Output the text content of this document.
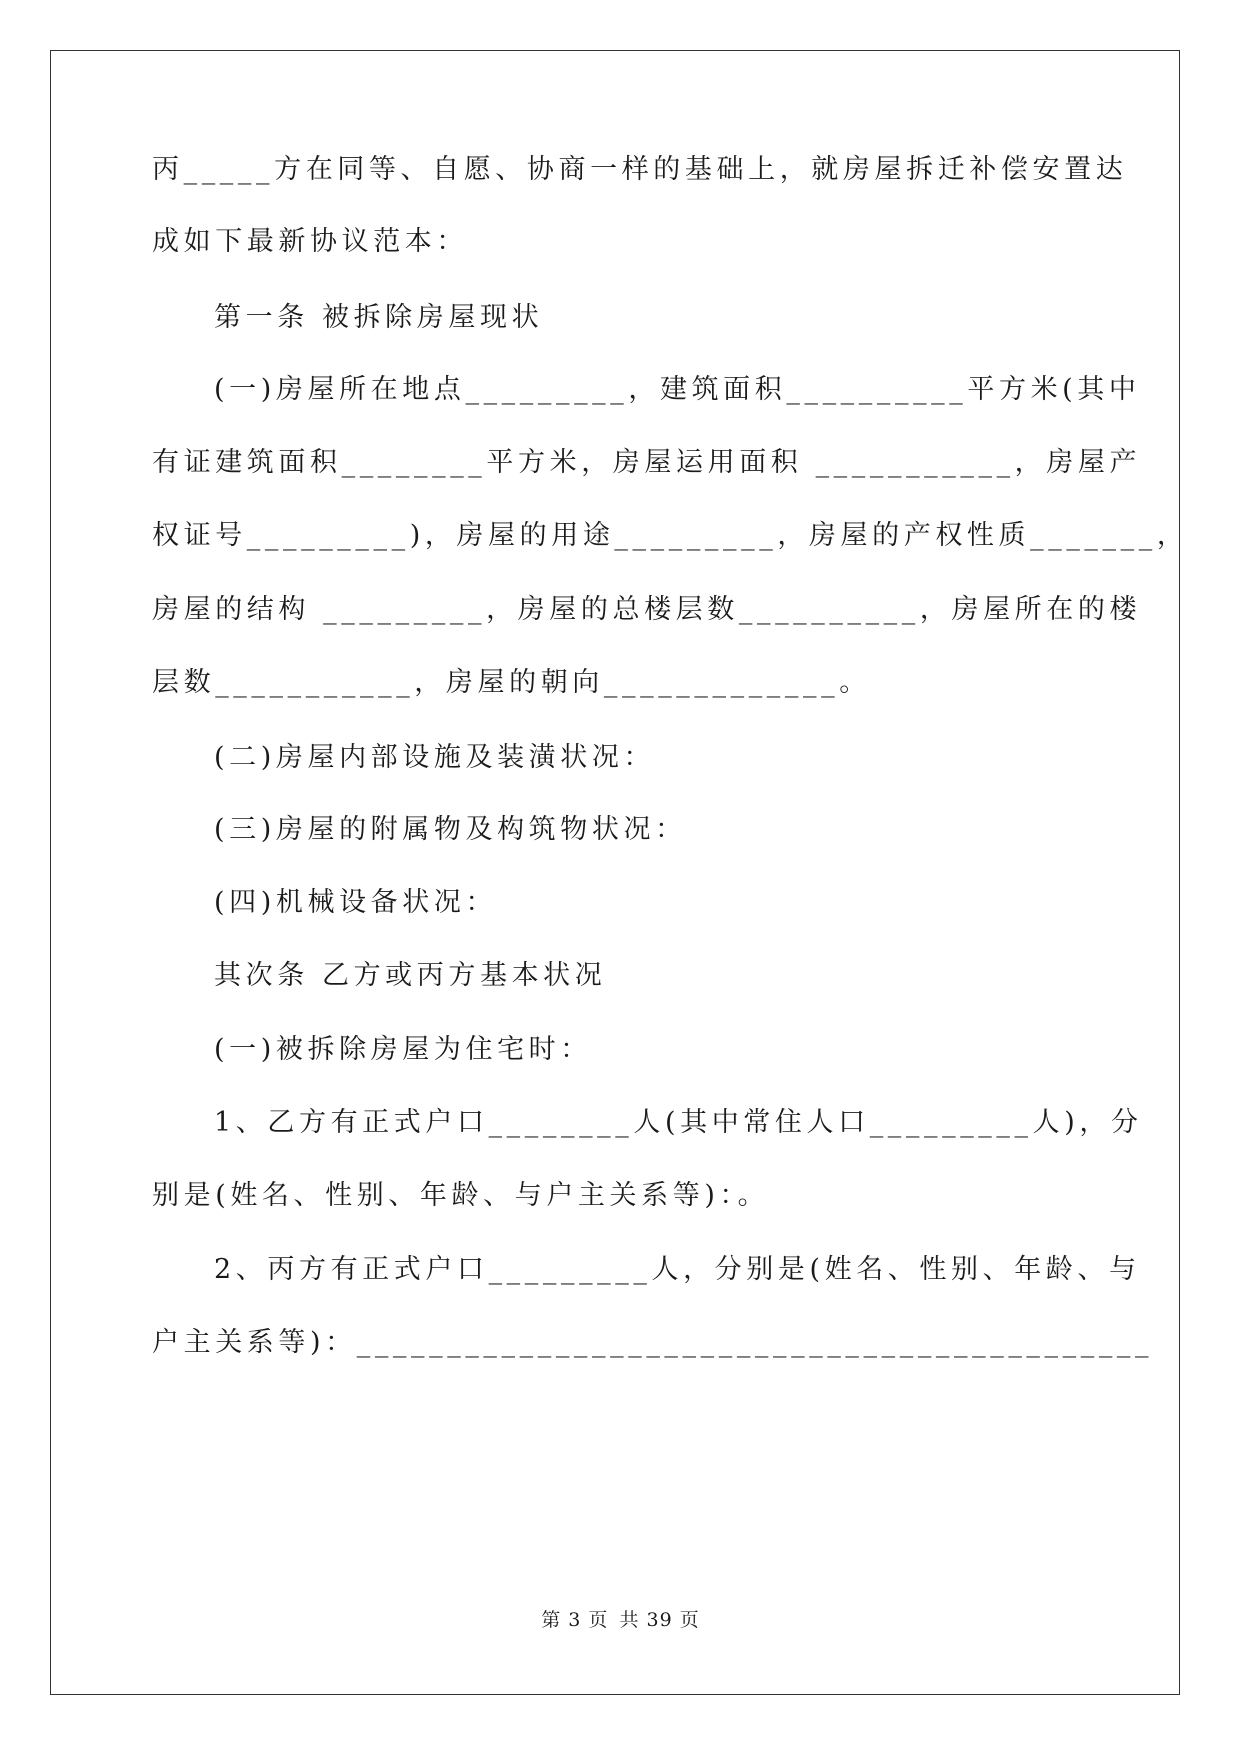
丙_____方在同等、自愿、协商一样的基础上，就房屋拆迁补偿安置达
成如下最新协议范本：
第一条 被拆除房屋现状
(一)房屋所在地点_________，建筑面积__________平方米(其中
有证建筑面积________平方米，房屋运用面积 ___________，房屋产
权证号_________)，房屋的用途_________，房屋的产权性质_______，
房屋的结构 _________，房屋的总楼层数__________，房屋所在的楼
层数___________，房屋的朝向_____________。
(二)房屋内部设施及装潢状况：
(三)房屋的附属物及构筑物状况：
(四)机械设备状况：
其次条 乙方或丙方基本状况
(一)被拆除房屋为住宅时：
1、乙方有正式户口________人(其中常住人口_________人)，分
别是(姓名、性别、年龄、与户主关系等)：。
2、丙方有正式户口_________人，分别是(姓名、性别、年龄、与
户主关系等)：____________________________________________
第 3 页 共 39 页
